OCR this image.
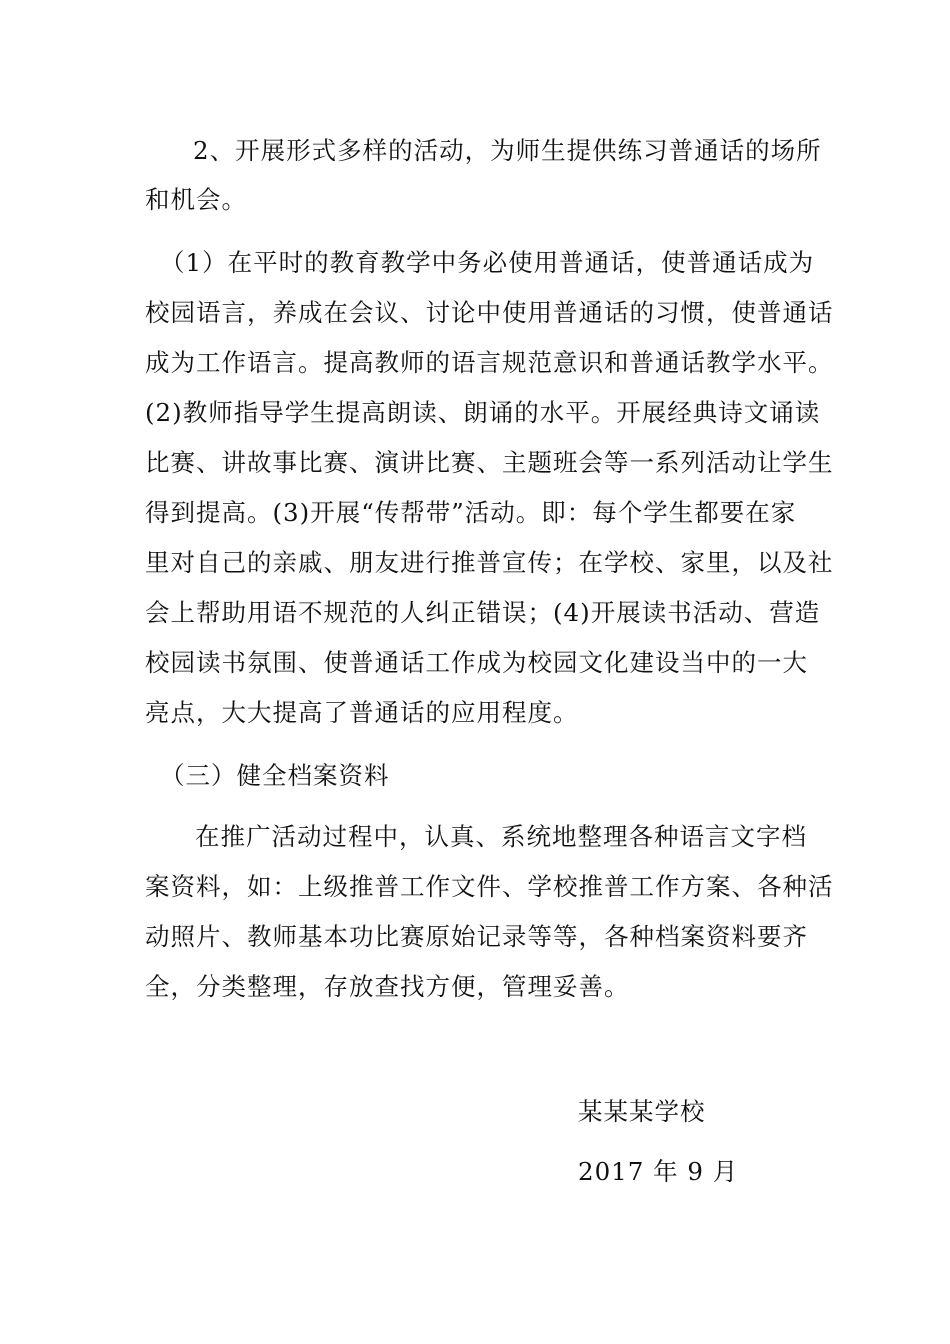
2、开展形式多样的活动，为师生提供练习普通话的场所
和机会。
（1）在平时的教育教学中务必使用普通话，使普通话成为
校园语言，养成在会议、讨论中使用普通话的习惯，使普通话
成为工作语言。提高教师的语言规范意识和普通话教学水平。
(2)教师指导学生提高朗读、朗诵的水平。开展经典诗文诵读
比赛、讲故事比赛、演讲比赛、主题班会等一系列活动让学生
得到提高。(3)开展“传帮带”活动。即：每个学生都要在家
里对自己的亲戚、朋友进行推普宣传；在学校、家里，以及社
会上帮助用语不规范的人纠正错误；(4)开展读书活动、营造
校园读书氛围、使普通话工作成为校园文化建设当中的一大
亮点，大大提高了普通话的应用程度。
（三）健全档案资料
在推广活动过程中，认真、系统地整理各种语言文字档
案资料，如：上级推普工作文件、学校推普工作方案、各种活
动照片、教师基本功比赛原始记录等等，各种档案资料要齐
全，分类整理，存放查找方便，管理妥善。
某某某学校
2017 年 9 月
